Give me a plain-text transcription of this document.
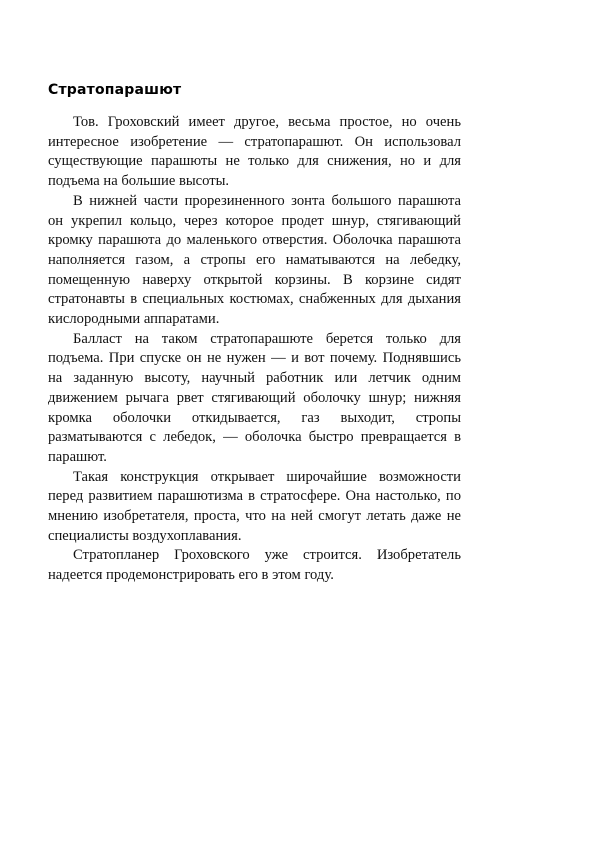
Стратопарашют

Тов. Гроховский имеет другое, весьма простое, но очень интересное изобретение — стратопарашют. Он использовал существующие парашюты не только для снижения, но и для подъема на большие высоты.

В нижней части прорезиненного зонта большого парашюта он укрепил кольцо, через которое продет шнур, стягивающий кромку парашюта до маленького отверстия. Оболочка парашюта наполняется газом, а стропы его наматываются на лебедку, помещенную наверху открытой корзины. В корзине сидят стратонавты в специальных костюмах, снабженных для дыхания кислородными аппаратами.

Балласт на таком стратопарашюте берется только для подъема. При спуске он не нужен — и вот почему. Поднявшись на заданную высоту, научный работник или летчик одним движением рычага рвет стягивающий оболочку шнур; нижняя кромка оболочки откидывается, газ выходит, стропы разматываются с лебедок, — оболочка быстро превращается в парашют.

Такая конструкция открывает широчайшие возможности перед развитием парашютизма в стратосфере. Она настолько, по мнению изобретателя, проста, что на ней смогут летать даже не специалисты воздухоплавания.

Стратопланер Гроховского уже строится. Изобретатель надеется продемонстрировать его в этом году.
